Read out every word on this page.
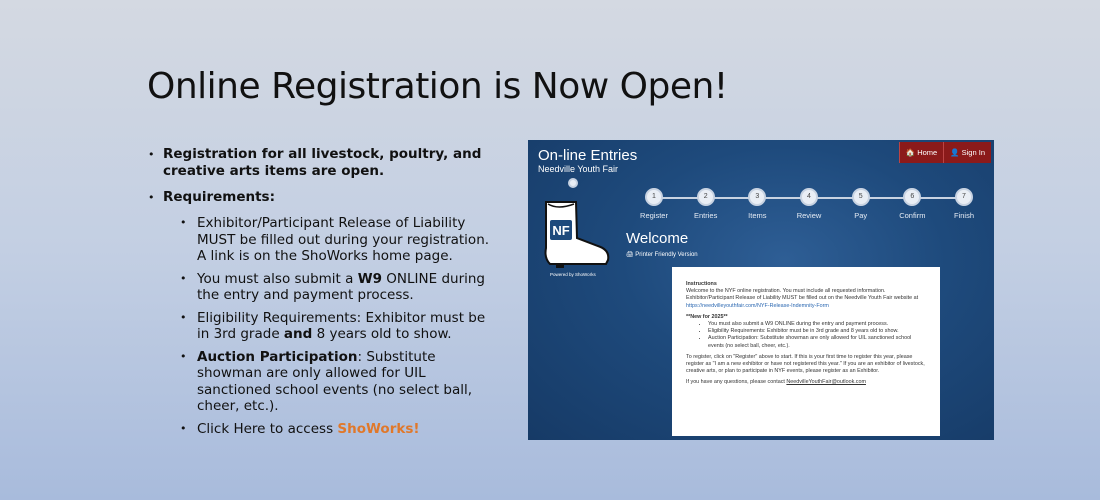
Online Registration is Now Open!
• Registration for all livestock, poultry, and creative arts items are open.
• Requirements:
• Exhibitor/Participant Release of Liability MUST be filled out during your registration. A link is on the ShoWorks home page.
• You must also submit a W9 ONLINE during the entry and payment process.
• Eligibility Requirements: Exhibitor must be in 3rd grade and 8 years old to show.
• Auction Participation: Substitute showman are only allowed for UIL sanctioned school events (no select ball, cheer, etc.).
• Click Here to access ShoWorks!
On-line Entries
Needville Youth Fair
🏠 Home	👤 Sign In
1
Register
2
Entries
3
Items
4
Review
5
Pay
6
Confirm
7
Finish
NF
Powered by ShoWorks
Welcome
🖨 Printer Friendly Version
Instructions

Welcome to the NYF online registration. You must include all requested information. Exhibitor/Participant Release of Liability MUST be filled out on the Needville Youth Fair website at https://needvilleyouthfair.com/NYF-Release-Indemnity-Form

**New for 2025**
• You must also submit a W9 ONLINE during the entry and payment process.
• Eligibility Requirements: Exhibitor must be in 3rd grade and 8 years old to show.
• Auction Participation: Substitute showman are only allowed for UIL sanctioned school events (no select ball, cheer, etc.).

To register, click on "Register" above to start. If this is your first time to register this year, please register as "I am a new exhibitor or have not registered this year." If you are an exhibitor of livestock, creative arts, or plan to participate in NYF events, please register as an Exhibitor.

If you have any questions, please contact NeedvilleYouthFair@outlook.com
